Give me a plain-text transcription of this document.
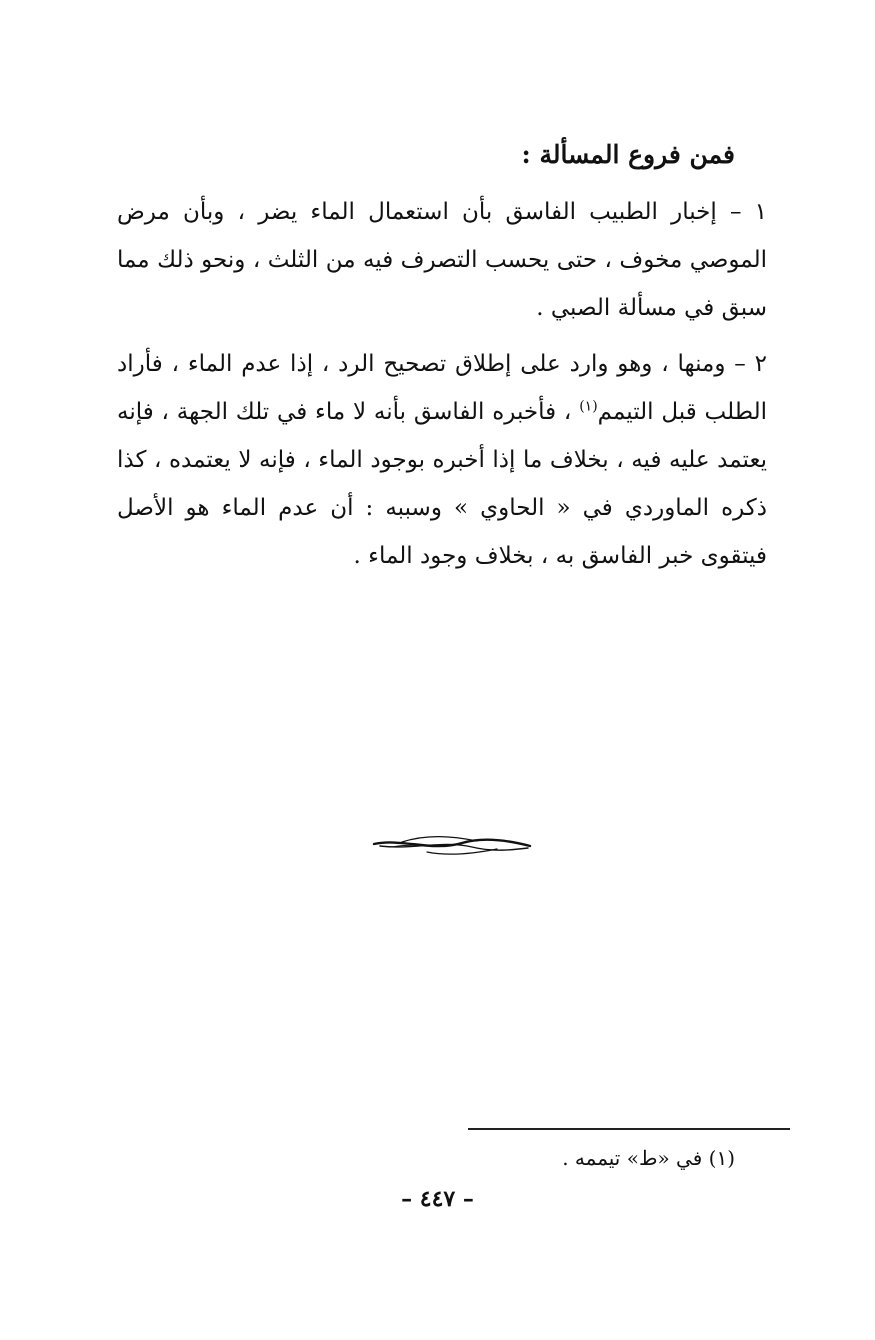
فمن فروع المسألة :

١ – إخبار الطبيب الفاسق بأن استعمال الماء يضر ، وبأن مرض الموصي مخوف ، حتى يحسب التصرف فيه من الثلث ، ونحو ذلك مما سبق في مسألة الصبي .

٢ – ومنها ، وهو وارد على إطلاق تصحيح الرد ، إذا عدم الماء ، فأراد الطلب قبل التيمم$^{(١)}$ ، فأخبره الفاسق بأنه لا ماء في تلك الجهة ، فإنه يعتمد عليه فيه ، بخلاف ما إذا أخبره بوجود الماء ، فإنه لا يعتمده ، كذا ذكره الماوردي في « الحاوي » وسببه : أن عدم الماء هو الأصل فيتقوى خبر الفاسق به ، بخلاف وجود الماء .

(١) في «ط» تيممه .
– ٤٤٧ –
